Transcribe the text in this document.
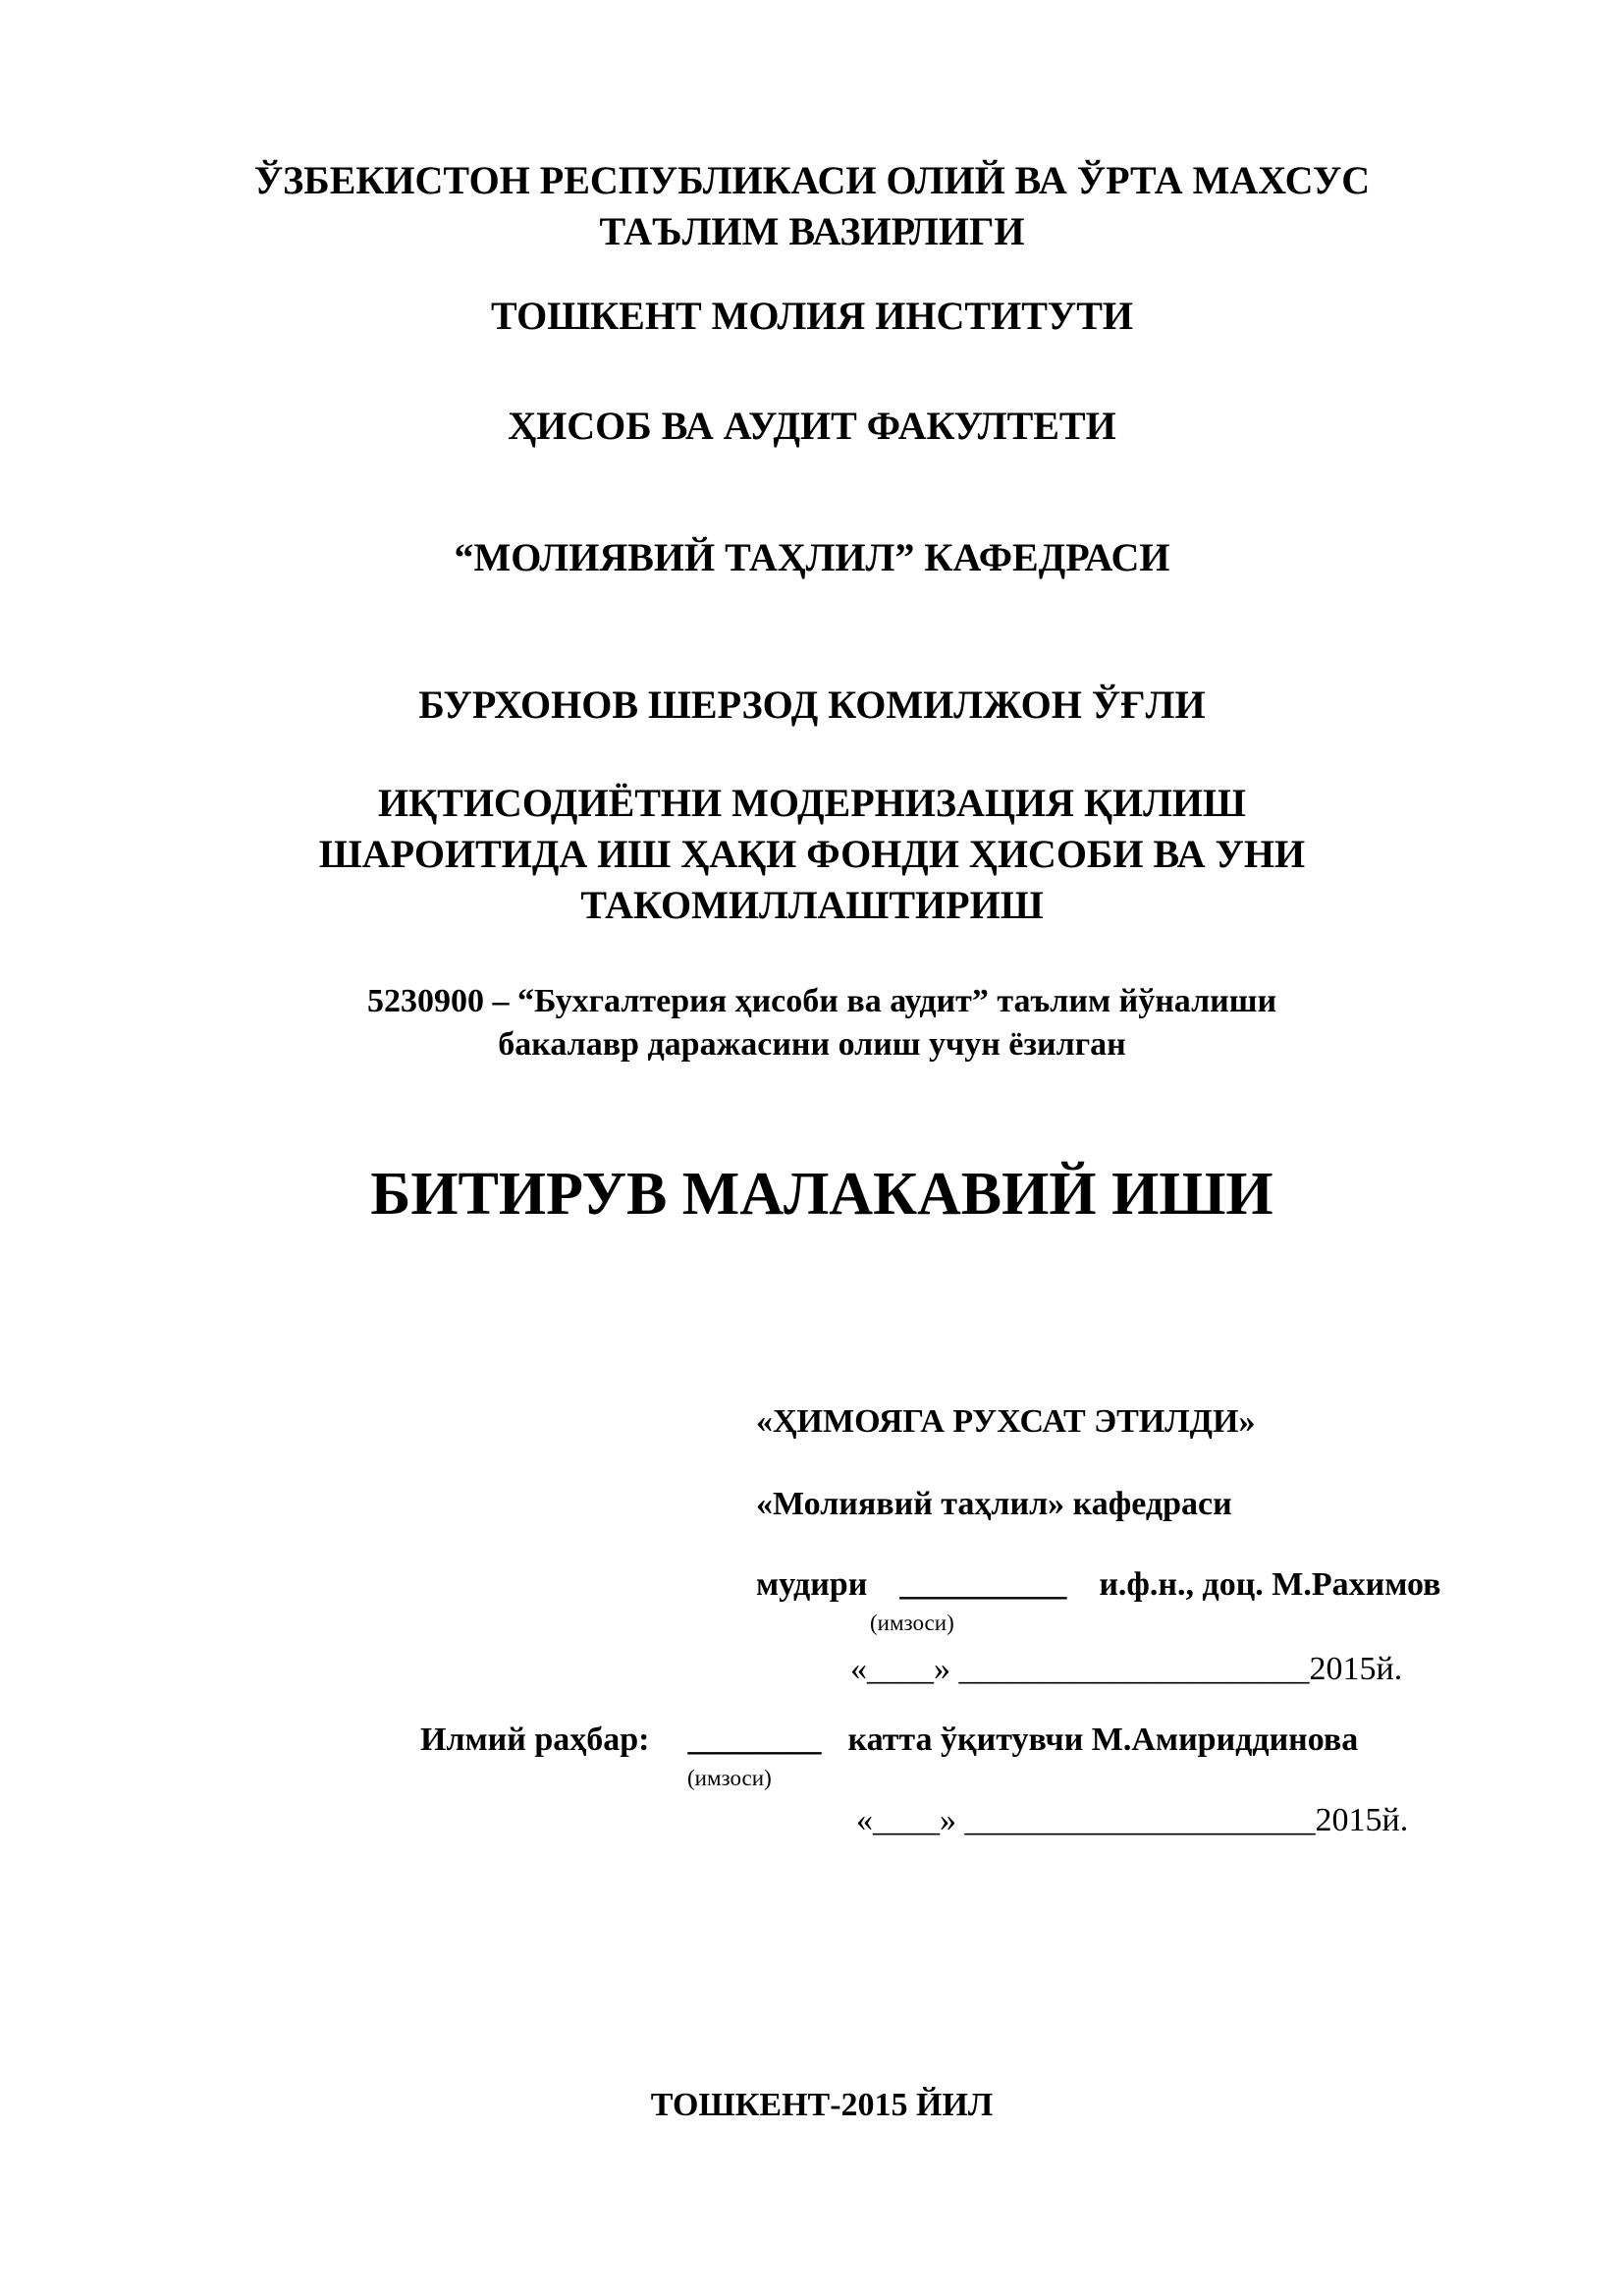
ЎЗБЕКИСТОН РЕСПУБЛИКАСИ ОЛИЙ ВА ЎРТА МАХСУС
ТАЪЛИМ ВАЗИРЛИГИ
ТОШКЕНТ МОЛИЯ ИНСТИТУТИ
ҲИСОБ ВА АУДИТ ФАКУЛТЕТИ
“МОЛИЯВИЙ ТАҲЛИЛ” КАФЕДРАСИ
БУРХОНОВ ШЕРЗОД КОМИЛЖОН ЎҒЛИ
ИҚТИСОДИЁТНИ МОДЕРНИЗАЦИЯ ҚИЛИШ
ШАРОИТИДА ИШ ҲАҚИ ФОНДИ ҲИСОБИ ВА УНИ
ТАКОМИЛЛАШТИРИШ
5230900 – “Бухгалтерия ҳисоби ва аудит” таълим йўналиши
бакалавр даражасини олиш учун ёзилган
БИТИРУВ МАЛАКАВИЙ ИШИ
«ҲИМОЯГА РУХСАТ ЭТИЛДИ»
«Молиявий таҳлил» кафедраси
мудири __________ и.ф.н., доц. М.Рахимов
(имзоси)
«____» _____________________2015й.
Илмий раҳбар: ________ катта ўқитувчи М.Амириддинова
(имзоси)
«____» _____________________2015й.
ТОШКЕНТ-2015 ЙИЛ
